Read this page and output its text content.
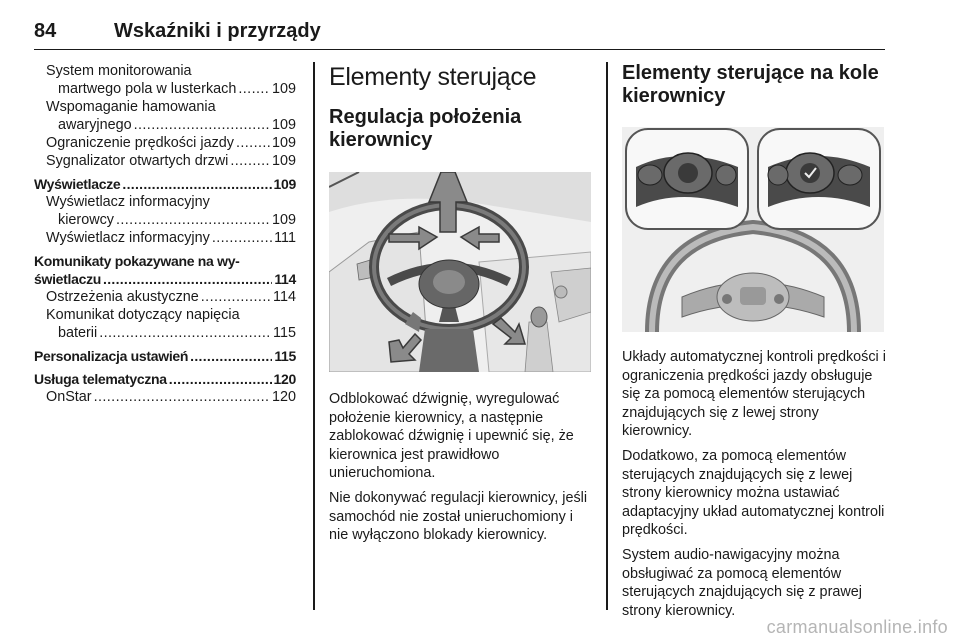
84	Wskaźniki i przyrządy
System monitorowania
martwego pola w lusterkach . . . 109
Wspomaganie hamowania
awaryjnego . . .	109
Ograniczenie prędkości jazdy . . .	109
Sygnalizator otwartych drzwi . . .	109
Wyświetlacze . . .	109
Wyświetlacz informacyjny
kierowcy . . .	109
Wyświetlacz informacyjny . . .	111
Komunikaty pokazywane na wy-
świetlaczu . . .	114
Ostrzeżenia akustyczne . . .	114
Komunikat dotyczący napięcia
baterii . . .	115
Personalizacja ustawień . . .	115
Usługa telematyczna . . .	120
OnStar . . .	120
Elementy sterujące
Regulacja położenia kierownicy

Odblokować dźwignię, wyregulować położenie kierownicy, a następnie zablokować dźwignię i upewnić się, że kierownica jest prawidłowo unieruchomiona.

Nie dokonywać regulacji kierownicy, jeśli samochód nie został unieruchomiony i nie wyłączono blokady kierownicy.

Elementy sterujące na kole kierownicy

Układy automatycznej kontroli prędkości i ograniczenia prędkości jazdy obsługuje się za pomocą elementów sterujących znajdujących się z lewej strony kierownicy.

Dodatkowo, za pomocą elementów sterujących znajdujących się z lewej strony kierownicy można ustawiać adaptacyjny układ automatycznej kontroli prędkości.

System audio-nawigacyjny można obsługiwać za pomocą elementów sterujących znajdujących się z prawej strony kierownicy.

carmanualsonline.info
